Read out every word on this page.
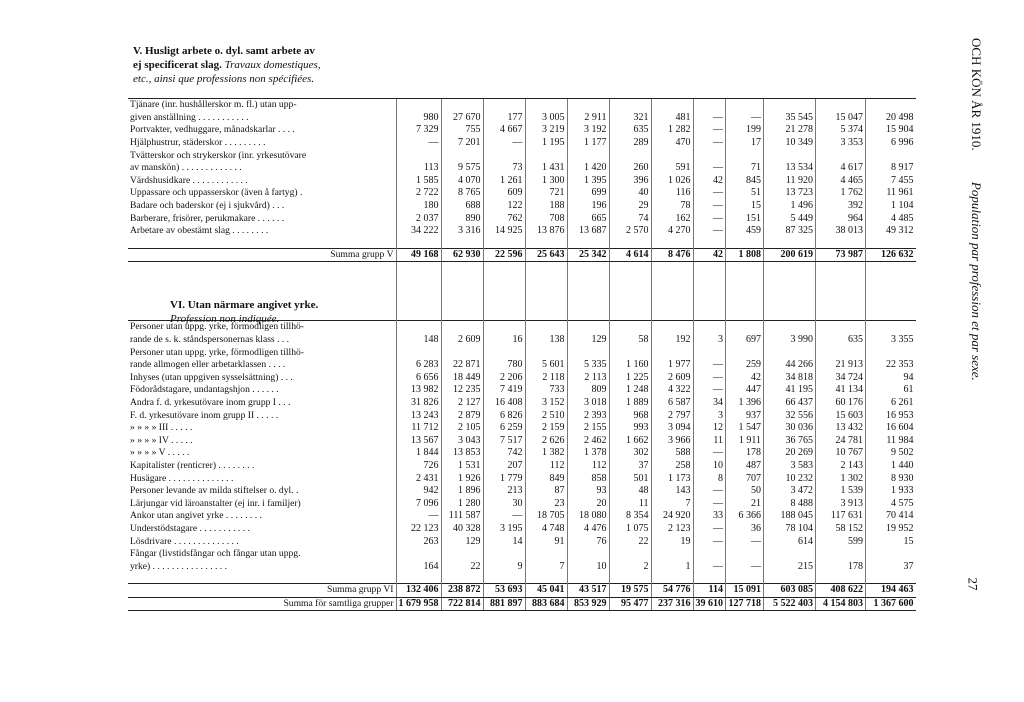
V. Husligt arbete o. dyl. samt arbete av
ej specificerat slag. Travaux domestiques,
etc., ainsi que professions non spécifiées.
Tjänare (inr. hushållerskor m. fl.) utan upp-												
given anställning . . . . . . . . . . .	980	27 670	177	3 005	2 911	321	481	—	—	35 545	15 047	20 498
Portvakter, vedhuggare, månadskarlar . . . .	7 329	755	4 667	3 219	3 192	635	1 282	—	199	21 278	5 374	15 904
Hjälphustrur, städerskor . . . . . . . . .	—	7 201	—	1 195	1 177	289	470	—	17	10 349	3 353	6 996
Tvätterskor och strykerskor (inr. yrkesutövare												
av manskön) . . . . . . . . . . . . .	113	9 575	73	1 431	1 420	260	591	—	71	13 534	4 617	8 917
Värdshusidkare . . . . . . . . . . . .	1 585	4 070	1 261	1 300	1 395	396	1 026	42	845	11 920	4 465	7 455
Uppassare och uppasserskor (även å fartyg) .	2 722	8 765	609	721	699	40	116	—	51	13 723	1 762	11 961
Badare och baderskor (ej i sjukvård) . . .	180	688	122	188	196	29	78	—	15	1 496	392	1 104
Barberare, frisörer, perukmakare . . . . . .	2 037	890	762	708	665	74	162	—	151	5 449	964	4 485
Arbetare av obestämt slag . . . . . . . .	34 222	3 316	14 925	13 876	13 687	2 570	4 270	—	459	87 325	38 013	49 312

Summa grupp V	49 168	62 930	22 596	25 643	25 342	4 614	8 476	42	1 808	200 619	73 987	126 632

Personer utan uppg. yrke, förmodligen tillhö-												
rande de s. k. ståndspersonernas klass . . .	148	2 609	16	138	129	58	192	3	697	3 990	635	3 355
Personer utan uppg. yrke, förmodligen tillhö-												
rande allmogen eller arbetarklassen . . . .	6 283	22 871	780	5 601	5 335	1 160	1 977	—	259	44 266	21 913	22 353
Inhyses (utan uppgiven sysselsättning) . . .	6 656	18 449	2 206	2 118	2 113	1 225	2 609	—	42	34 818	34 724	94
Födorådstagare, undantagshjon . . . . . .	13 982	12 235	7 419	733	809	1 248	4 322	—	447	41 195	41 134	61
Andra f. d. yrkesutövare inom grupp I . . .	31 826	2 127	16 408	3 152	3 018	1 889	6 587	34	1 396	66 437	60 176	6 261
F. d. yrkesutövare inom grupp II . . . . .	13 243	2 879	6 826	2 510	2 393	968	2 797	3	937	32 556	15 603	16 953
» » » » III . . . . .	11 712	2 105	6 259	2 159	2 155	993	3 094	12	1 547	30 036	13 432	16 604
» » » » IV . . . . .	13 567	3 043	7 517	2 626	2 462	1 662	3 966	11	1 911	36 765	24 781	11 984
» » » » V . . . . .	1 844	13 853	742	1 382	1 378	302	588	—	178	20 269	10 767	9 502
Kapitalister (renticrer) . . . . . . . .	726	1 531	207	112	112	37	258	10	487	3 583	2 143	1 440
Husägare . . . . . . . . . . . . . .	2 431	1 926	1 779	849	858	501	1 173	8	707	10 232	1 302	8 930
Personer levande av milda stiftelser o. dyl. .	942	1 896	213	87	93	48	143	—	50	3 472	1 539	1 933
Lärjungar vid läroanstalter (ej inr. i familjer)	7 096	1 280	30	23	20	11	7	—	21	8 488	3 913	4 575
Ankor utan angivet yrke . . . . . . . .	—	111 587	—	18 705	18 080	8 354	24 920	33	6 366	188 045	117 631	70 414
Understödstagare . . . . . . . . . . .	22 123	40 328	3 195	4 748	4 476	1 075	2 123	—	36	78 104	58 152	19 952
Lösdrivare . . . . . . . . . . . . . .	263	129	14	91	76	22	19	—	—	614	599	15
Fångar (livstidsfångar och fångar utan uppg.												
yrke) . . . . . . . . . . . . . . . .	164	22	9	7	10	2	1	—	—	215	178	37

Summa grupp VI	132 406	238 872	53 693	45 041	43 517	19 575	54 776	114	15 091	603 085	408 622	194 463
Summa för samtliga grupper	1 679 958	722 814	881 897	883 684	853 929	95 477	237 316	39 610	127 718	5 522 403	4 154 803	1 367 600
VI. Utan närmare angivet yrke.
Profession non indiquée.
OCH KÖN ÅR 1910. Population par profession et par sexe.
27
